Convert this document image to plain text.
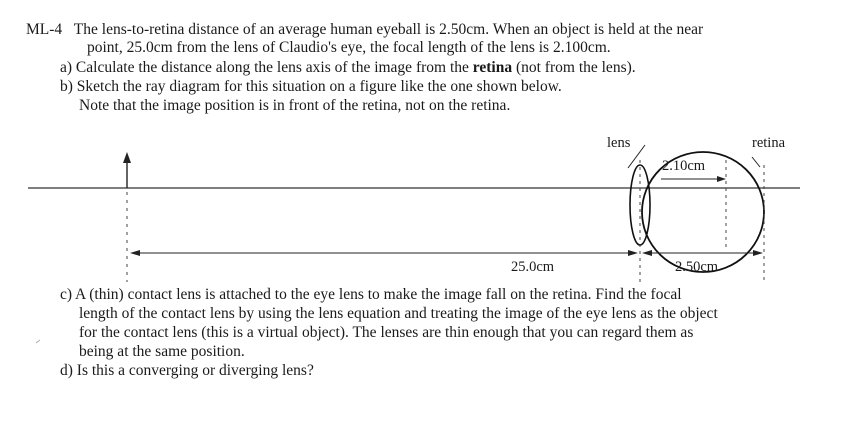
ML-4 The lens-to-retina distance of an average human eyeball is 2.50cm. When an object is held at the near
point, 25.0cm from the lens of Claudio's eye, the focal length of the lens is 2.100cm.
a) Calculate the distance along the lens axis of the image from the retina (not from the lens).
b) Sketch the ray diagram for this situation on a figure like the one shown below.
Note that the image position is in front of the retina, not on the retina.
lens	retina
2.10cm
25.0cm	2.50cm
c) A (thin) contact lens is attached to the eye lens to make the image fall on the retina. Find the focal
length of the contact lens by using the lens equation and treating the image of the eye lens as the object
for the contact lens (this is a virtual object). The lenses are thin enough that you can regard them as
being at the same position.
d) Is this a converging or diverging lens?
